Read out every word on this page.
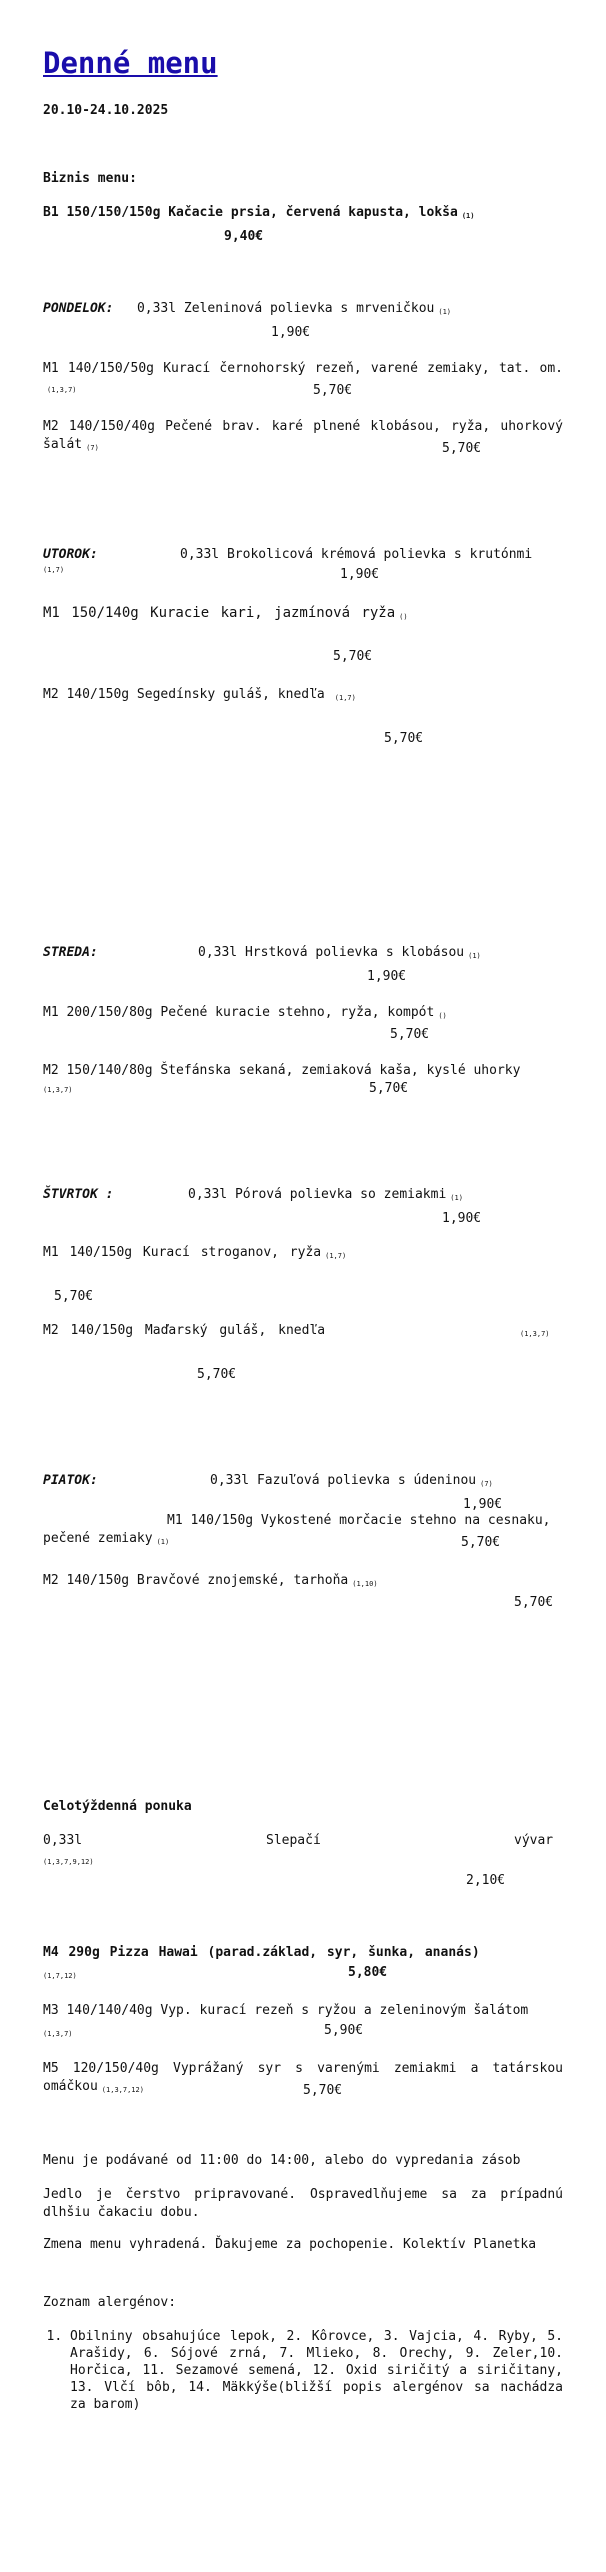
Denné menu
20.10-24.10.2025
Biznis menu:
B1 150/150/150g Kačacie prsia, červená kapusta, lokša $_{(1)}$
9,40€
PONDELOK: 0,33l Zeleninová polievka s mrveničkou $_{(1)}$
1,90€
M1 140/150/50g Kurací černohorský rezeň, varené zemiaky, tat. $om._{(1,3,7)}$	5,70€
M2 140/150/40g Pečené brav. karé plnené klobásou, ryža, uhorkový šalát $_{(7)}$	5,70€
UTOROK:	0,33l Brokolicová krémová polievka s krutónmi
(1,7)	1,90€
M1 150/140g Kuracie kari, jazmínová ryža $_{()}$
5,70€
M2 140/150g Segedínsky guláš, knedľa $_{(1,7)}$
5,70€
STREDA:	0,33l Hrstková polievka s klobásou $_{(1)}$
1,90€
M1 200/150/80g Pečené kuracie stehno, ryža, kompót $_{()}$
5,70€
M2 150/140/80g Štefánska sekaná, zemiaková kaša, kyslé uhorky
(1,3,7)	5,70€
ŠTVRTOK :	0,33l Pórová polievka so zemiakmi $_{(1)}$
1,90€
M1 140/150g Kurací stroganov, ryža $_{(1,7)}$
5,70€
M2 140/150g Maďarský guláš, knedľa	(1,3,7)
5,70€
PIATOK:	0,33l Fazuľová polievka s údeninou $_{(7)}$
1,90€
M1 140/150g Vykostené morčacie stehno na cesnaku, pečené zemiaky $_{(1)}$	5,70€
M2 140/150g Bravčové znojemské, tarhoňa $_{(1,10)}$
5,70€
Celotýždenná ponuka
0,33l	Slepačí	vývar
(1,3,7,9,12)
2,10€
M4 290g Pizza Hawai (parad.základ, syr, šunka, ananás)
(1,7,12)	5,80€
M3 140/140/40g Vyp. kurací rezeň s ryžou a zeleninovým šalátom
(1,3,7)	5,90€
M5 120/150/40g Vyprážaný syr s varenými zemiakmi a tatárskou omáčkou $_{(1,3,7,12)}$	5,70€
Menu je podávané od 11:00 do 14:00, alebo do vypredania zásob
Jedlo je čerstvo pripravované. Ospravedlňujeme sa za prípadnú dlhšiu čakaciu dobu.
Zmena menu vyhradená. Ďakujeme za pochopenie. Kolektív Planetka
Zoznam alergénov:
1. Obilniny obsahujúce lepok, 2. Kôrovce, 3. Vajcia, 4. Ryby, 5. Arašidy, 6. Sójové zrná, 7. Mlieko, 8. Orechy, 9. Zeler,10. Horčica, 11. Sezamové semená, 12. Oxid siričitý a siričitany, 13. Vlčí bôb, 14. Mäkkýše(bližší popis alergénov sa nachádza za barom)
